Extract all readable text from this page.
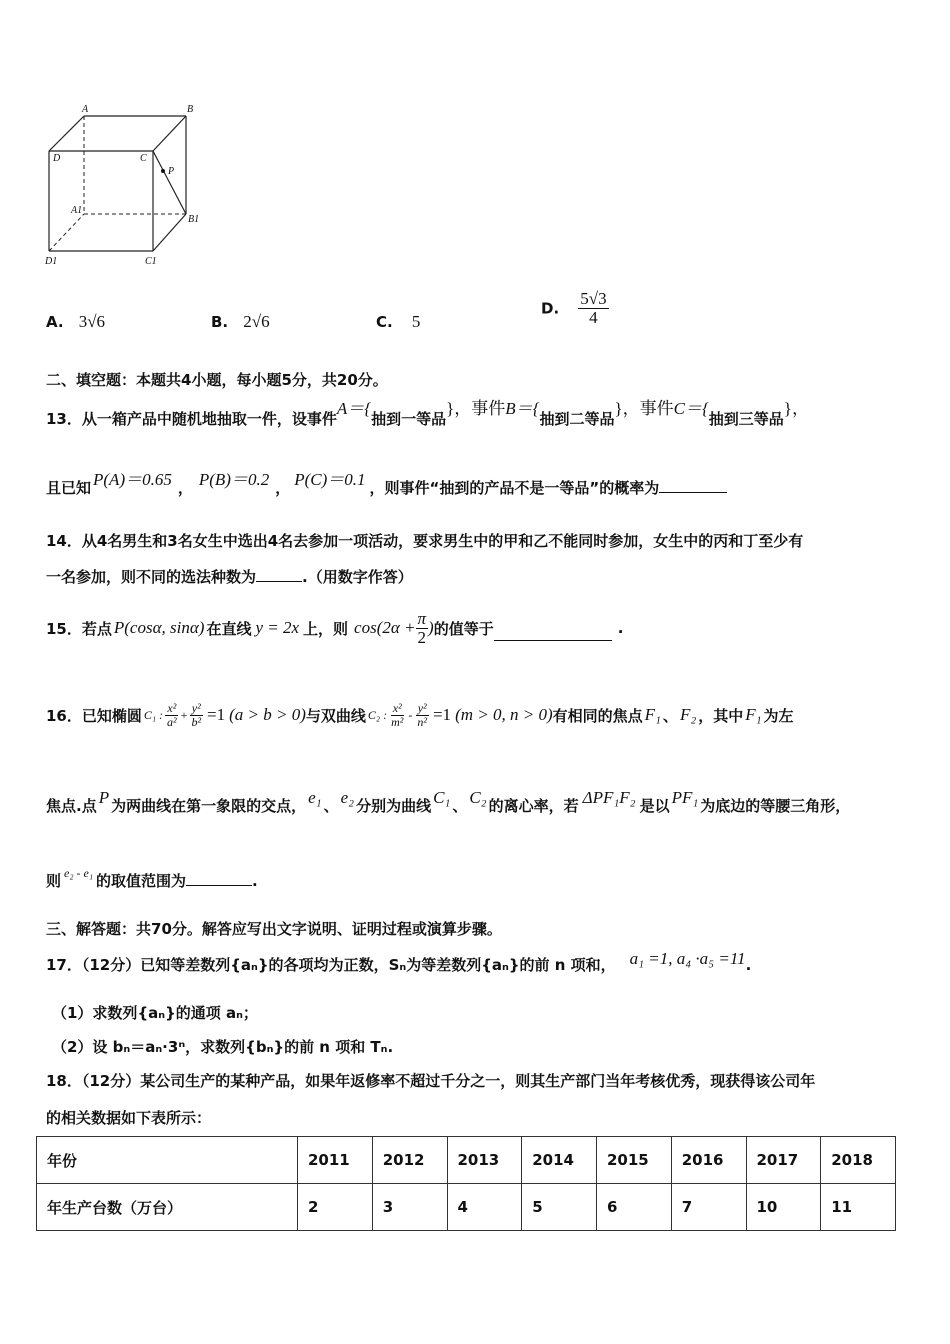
A	B
C
D
P
A1
B1
C1
D1
A. 3√6	B. 2√6	C. 5
D. $\frac{5√3}{4}$
二、填空题：本题共4小题，每小题5分，共20分。
13．从一箱产品中随机地抽取一件，设事件A＝{抽到一等品}，事件B＝{抽到二等品}，事件C＝{抽到三等品}，
且已知 P(A)＝0.65 ， P(B)＝0.2 ， P(C)＝0.1 ，则事件“抽到的产品不是一等品”的概率为
14．从4名男生和3名女生中选出4名去参加一项活动，要求男生中的甲和乙不能同时参加，女生中的丙和丁至少有
一名参加，则不同的选法种数为	.（用数字作答）
15．若点 P(cosα, sinα) 在直线 y = 2x 上，则 $\cos(2\alpha + \frac{\pi}{2}$ ) 的值等于	.
16．已知椭圆 C₁ : $\frac{\text{x²}}{\text{a²}} + \frac{\text{y²}}{\text{b²}} =1$ (a > b > 0) 与双曲线 C₂ : $\frac{\text{x²}}{\text{m²}} - \frac{\text{y²}}{\text{n²}} =1$ (m > 0, n > 0) 有相同的焦点 F₁ 、 F₂ ，其中 F₁ 为左
焦点.点 P 为两曲线在第一象限的交点， e₁ 、 e₂ 分别为曲线 C₁ 、 C₂ 的离心率，若 ΔPF₁F₂ 是以 PF₁ 为底边的等腰三角形，
则 $^{e_2 - e_1}$ 的取值范围为	.
三、解答题：共70分。解答应写出文字说明、证明过程或演算步骤。
17．（12分）已知等差数列{aₙ}的各项均为正数，Sₙ为等差数列{aₙ}的前 n 项和， a₁ =1, a₄ ·a₅ =11.
（1）求数列{aₙ}的通项 aₙ；
（2）设 bₙ＝aₙ·3ⁿ，求数列{bₙ}的前 n 项和 Tₙ.
18．（12分）某公司生产的某种产品，如果年返修率不超过千分之一，则其生产部门当年考核优秀，现获得该公司年
的相关数据如下表所示：
年份	2011	2012	2013	2014	2015	2016	2017	2018
年生产台数（万台）	2	3	4	5	6	7	10	11
